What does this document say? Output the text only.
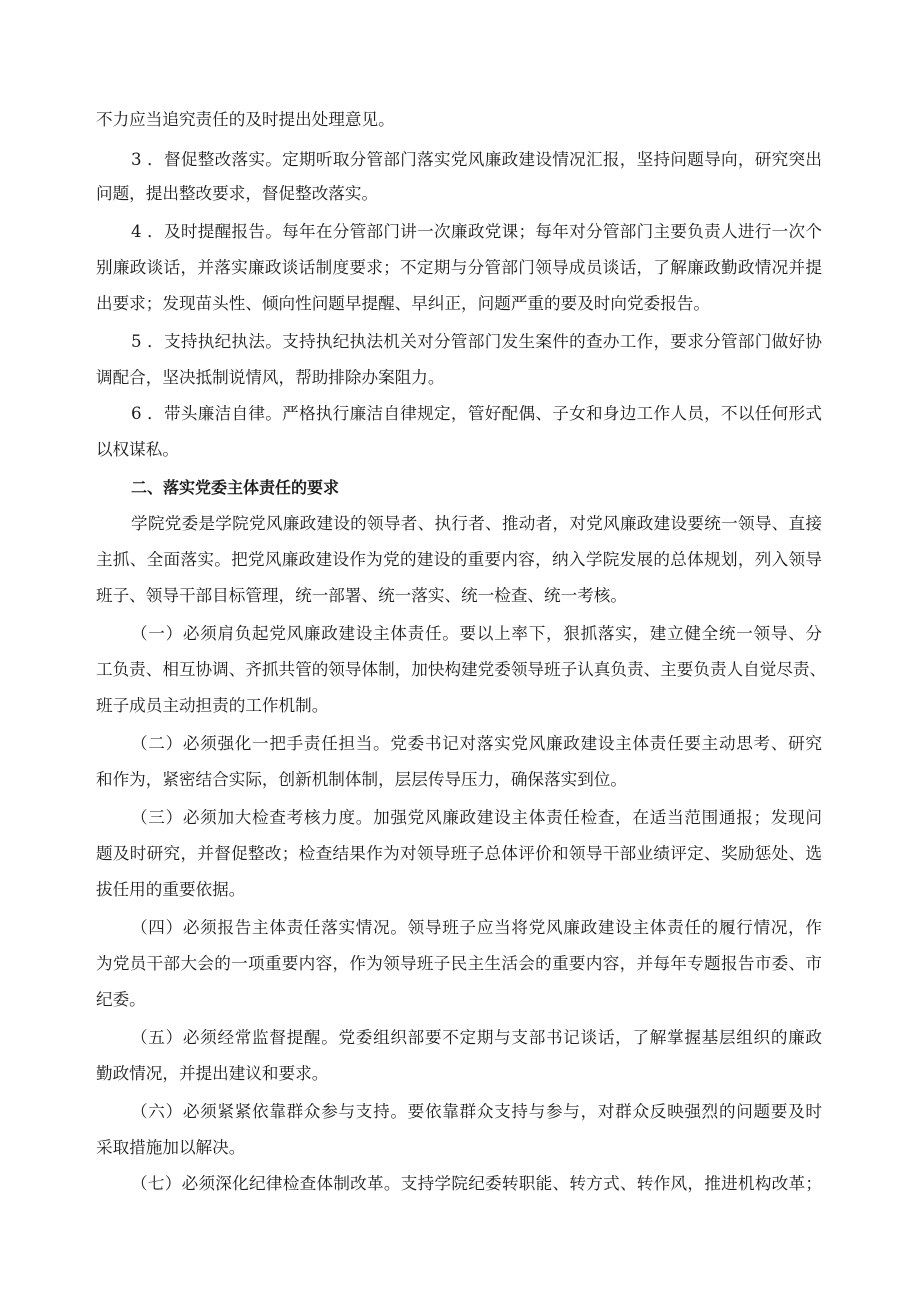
不力应当追究责任的及时提出处理意见。
3 ．督促整改落实。定期听取分管部门落实党风廉政建设情况汇报，坚持问题导向，研究突出
问题，提出整改要求，督促整改落实。
4 ．及时提醒报告。每年在分管部门讲一次廉政党课；每年对分管部门主要负责人进行一次个
别廉政谈话，并落实廉政谈话制度要求；不定期与分管部门领导成员谈话，了解廉政勤政情况并提
出要求；发现苗头性、倾向性问题早提醒、早纠正，问题严重的要及时向党委报告。
5 ．支持执纪执法。支持执纪执法机关对分管部门发生案件的查办工作，要求分管部门做好协
调配合，坚决抵制说情风，帮助排除办案阻力。
6 ．带头廉洁自律。严格执行廉洁自律规定，管好配偶、子女和身边工作人员，不以任何形式
以权谋私。
二、落实党委主体责任的要求
学院党委是学院党风廉政建设的领导者、执行者、推动者，对党风廉政建设要统一领导、直接
主抓、全面落实。把党风廉政建设作为党的建设的重要内容，纳入学院发展的总体规划，列入领导
班子、领导干部目标管理，统一部署、统一落实、统一检查、统一考核。
（一）必须肩负起党风廉政建设主体责任。要以上率下，狠抓落实，建立健全统一领导、分
工负责、相互协调、齐抓共管的领导体制，加快构建党委领导班子认真负责、主要负责人自觉尽责、
班子成员主动担责的工作机制。
（二）必须强化一把手责任担当。党委书记对落实党风廉政建设主体责任要主动思考、研究
和作为，紧密结合实际，创新机制体制，层层传导压力，确保落实到位。
（三）必须加大检查考核力度。加强党风廉政建设主体责任检查，在适当范围通报；发现问
题及时研究，并督促整改；检查结果作为对领导班子总体评价和领导干部业绩评定、奖励惩处、选
拔任用的重要依据。
（四）必须报告主体责任落实情况。领导班子应当将党风廉政建设主体责任的履行情况，作
为党员干部大会的一项重要内容，作为领导班子民主生活会的重要内容，并每年专题报告市委、市
纪委。
（五）必须经常监督提醒。党委组织部要不定期与支部书记谈话，了解掌握基层组织的廉政
勤政情况，并提出建议和要求。
（六）必须紧紧依靠群众参与支持。要依靠群众支持与参与，对群众反映强烈的问题要及时
采取措施加以解决。
（七）必须深化纪律检查体制改革。支持学院纪委转职能、转方式、转作风，推进机构改革；
